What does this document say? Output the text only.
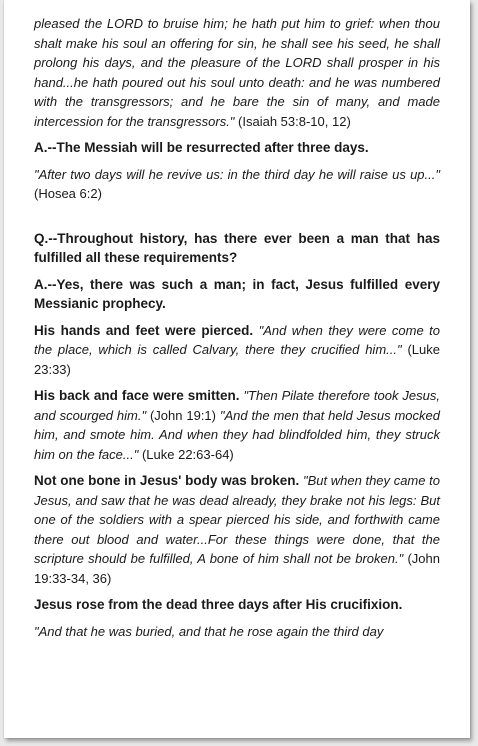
pleased the LORD to bruise him; he hath put him to grief: when thou shalt make his soul an offering for sin, he shall see his seed, he shall prolong his days, and the pleasure of the LORD shall prosper in his hand...he hath poured out his soul unto death: and he was numbered with the transgressors; and he bare the sin of many, and made intercession for the transgressors." (Isaiah 53:8-10, 12)

A.--The Messiah will be resurrected after three days.

"After two days will he revive us: in the third day he will raise us up..." (Hosea 6:2)

Q.--Throughout history, has there ever been a man that has fulfilled all these requirements?

A.--Yes, there was such a man; in fact, Jesus fulfilled every Messianic prophecy.

His hands and feet were pierced. "And when they were come to the place, which is called Calvary, there they crucified him..." (Luke 23:33)

His back and face were smitten. "Then Pilate therefore took Jesus, and scourged him." (John 19:1) "And the men that held Jesus mocked him, and smote him. And when they had blindfolded him, they struck him on the face..." (Luke 22:63-64)

Not one bone in Jesus' body was broken. "But when they came to Jesus, and saw that he was dead already, they brake not his legs: But one of the soldiers with a spear pierced his side, and forthwith came there out blood and water...For these things were done, that the scripture should be fulfilled, A bone of him shall not be broken." (John 19:33-34, 36)

Jesus rose from the dead three days after His crucifixion.

"And that he was buried, and that he rose again the third day
